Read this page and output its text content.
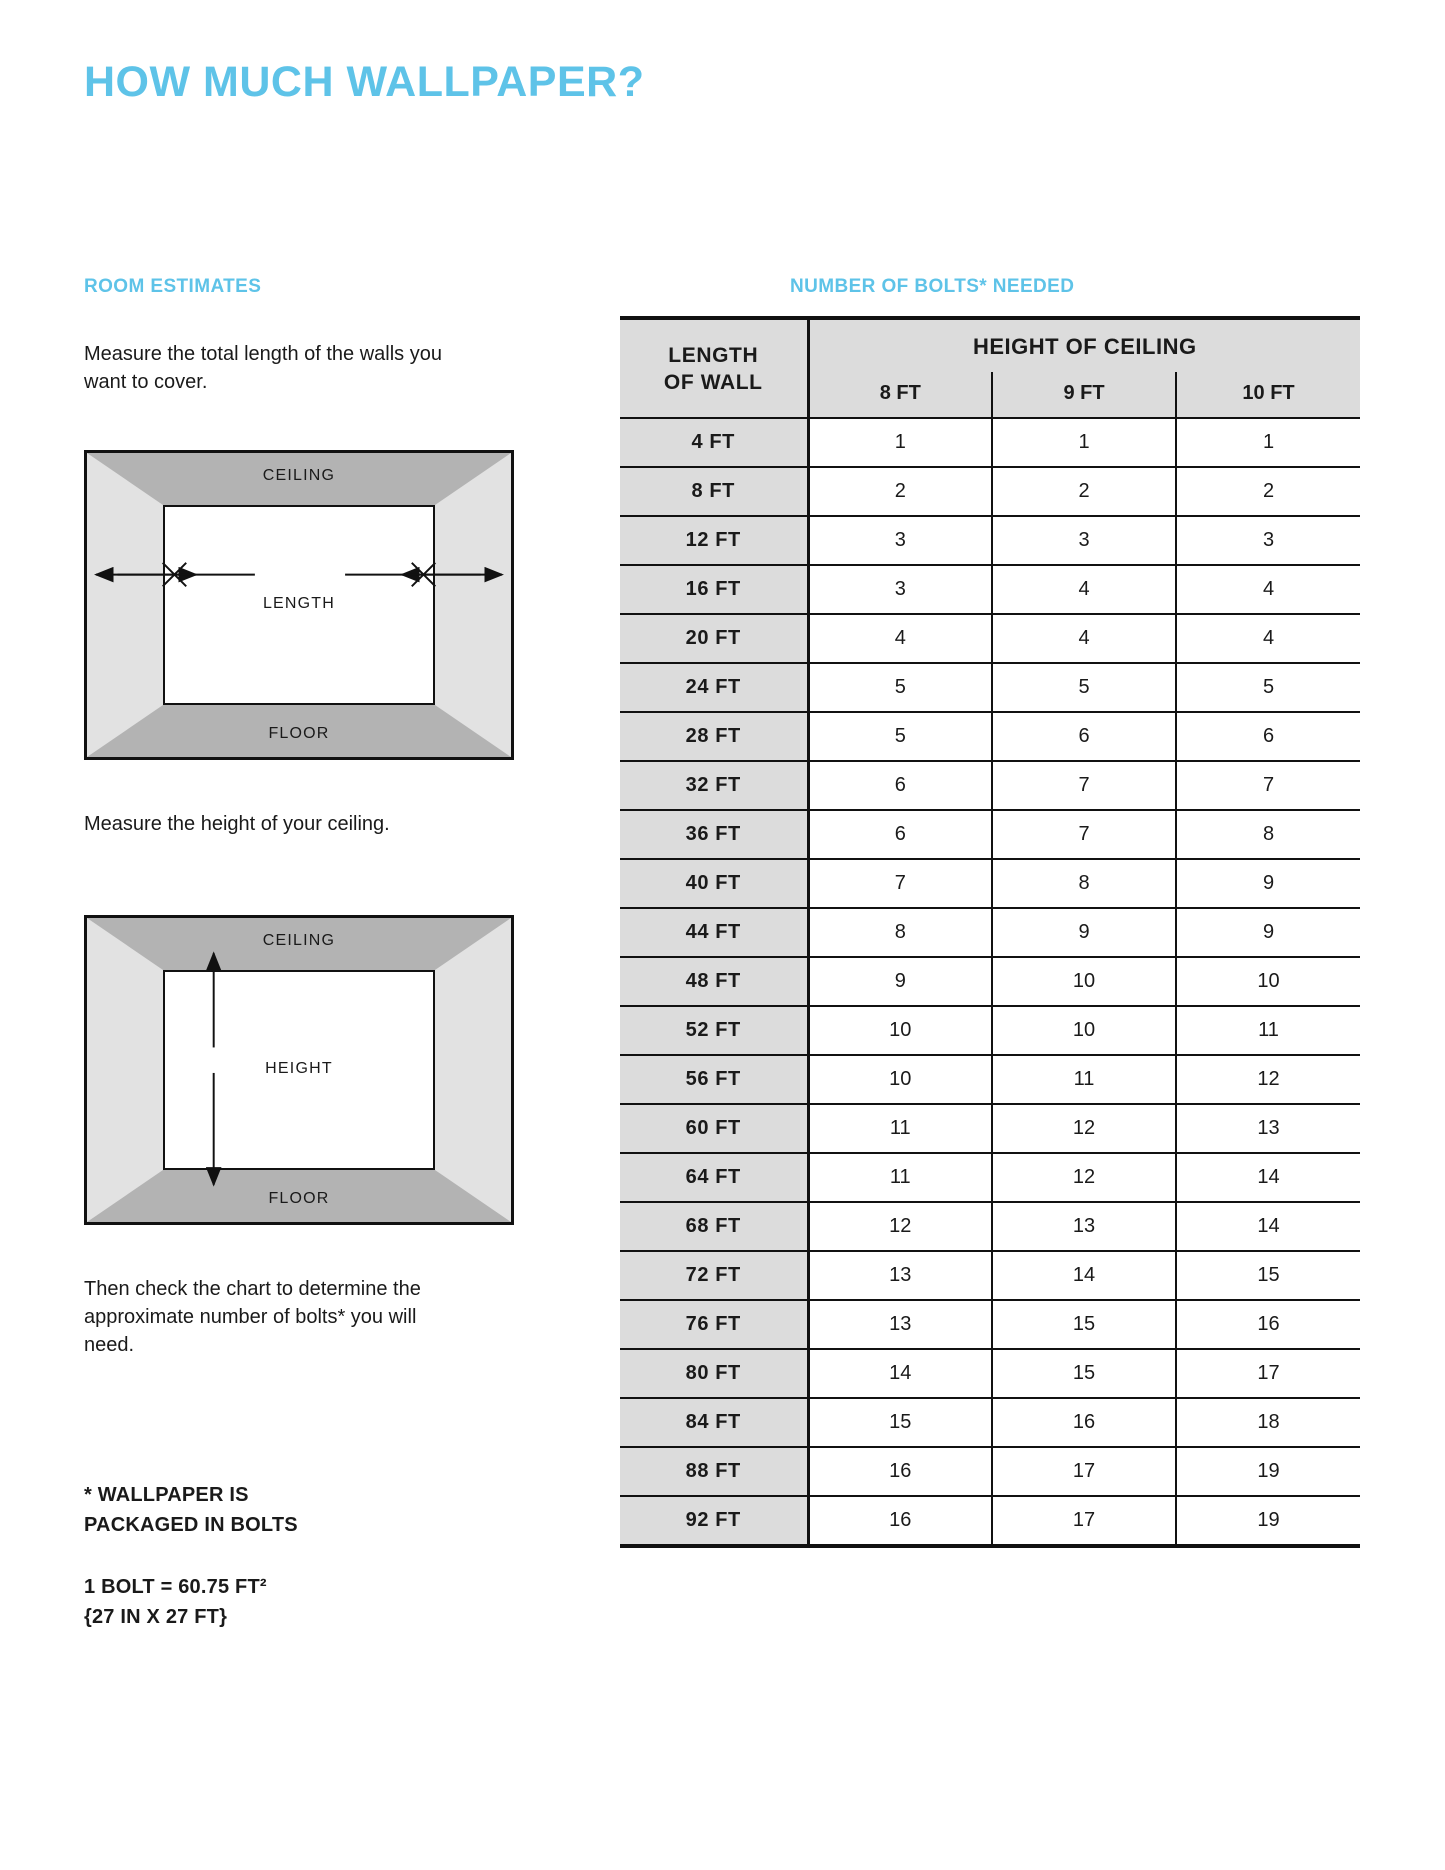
HOW MUCH WALLPAPER?
ROOM ESTIMATES	NUMBER OF BOLTS* NEEDED
Measure the total length of the walls you want to cover.
CEILING
FLOOR
LENGTH
Measure the height of your ceiling.
CEILING
FLOOR
HEIGHT
Then check the chart to determine the approximate number of bolts* you will need.
* WALLPAPER IS
PACKAGED IN BOLTS
1 BOLT = 60.75 FT²
{27 IN X 27 FT}
LENGTH
OF WALL	HEIGHT OF CEILING		
	8 FT	9 FT	10 FT
4 FT	1	1	1
8 FT	2	2	2
12 FT	3	3	3
16 FT	3	4	4
20 FT	4	4	4
24 FT	5	5	5
28 FT	5	6	6
32 FT	6	7	7
36 FT	6	7	8
40 FT	7	8	9
44 FT	8	9	9
48 FT	9	10	10
52 FT	10	10	11
56 FT	10	11	12
60 FT	11	12	13
64 FT	11	12	14
68 FT	12	13	14
72 FT	13	14	15
76 FT	13	15	16
80 FT	14	15	17
84 FT	15	16	18
88 FT	16	17	19
92 FT	16	17	19
